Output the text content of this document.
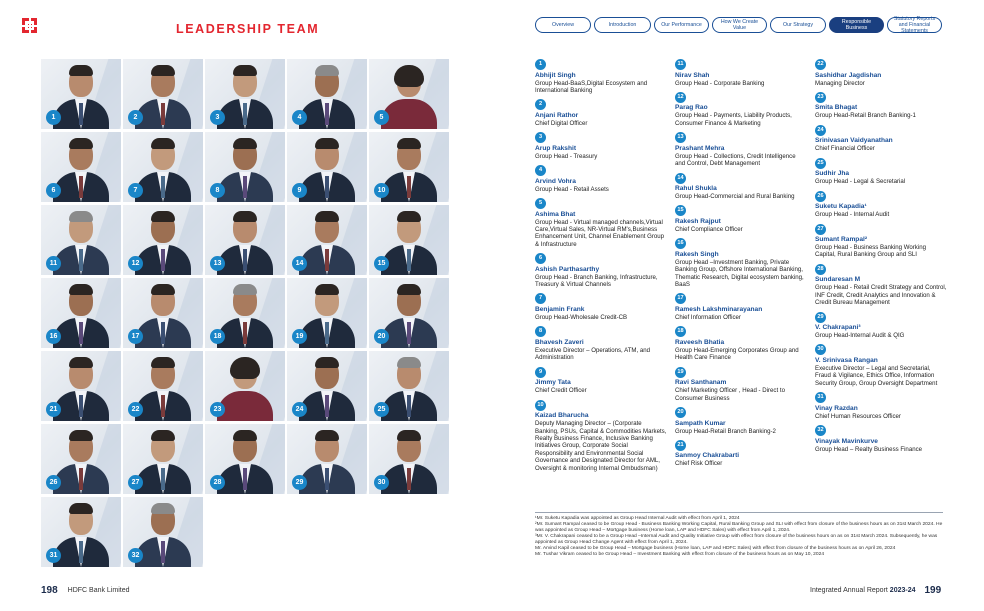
LEADERSHIP TEAM
1	2	3	4	5
6	7	8	9	10
11	12	13	14	15
16	17	18	19	20
21	22	23	24	25
26	27	28	29	30
31	32
198 HDFC Bank Limited
Overview	Introduction	Our Performance	How We Create Value	Our Strategy	Responsible Business
Statutory Reports and Financial Statements
1
Abhijit Singh
Group Head-BaaS,Digital Ecosystem and International Banking
2
Anjani Rathor
Chief Digital Officer
3
Arup Rakshit
Group Head - Treasury
4
Arvind Vohra
Group Head - Retail Assets
5
Ashima Bhat
Group Head - Virtual managed channels,Virtual Care,Virtual Sales, NR-Virtual RM's,Business Enhancement Unit, Channel Enablement Group & Infrastructure
6
Ashish Parthasarthy
Group Head - Branch Banking, Infrastructure, Treasury & Virtual Channels
7
Benjamin Frank
Group Head-Wholesale Credit-CB
8
Bhavesh Zaveri
Executive Director – Operations, ATM, and Administration
9
Jimmy Tata
Chief Credit Officer
10
Kaizad Bharucha
Deputy Managing Director – (Corporate Banking, PSUs, Capital & Commodities Markets, Realty Business Finance, Inclusive Banking Initiatives Group, Corporate Social Responsibility and Environmental Social Governance and Designated Director for AML, Oversight & monitoring Internal Ombudsman)
11
Nirav Shah
Group Head - Corporate Banking
12
Parag Rao
Group Head - Payments, Liability Products, Consumer Finance & Marketing
13
Prashant Mehra
Group Head - Collections, Credit Intelligence and Control, Debt Management
14
Rahul Shukla
Group Head-Commercial and Rural Banking
15
Rakesh Rajput
Chief Compliance Officer
16
Rakesh Singh
Group Head –Investment Banking, Private Banking Group, Offshore International Banking, Thematic Research, Digital ecosystem banking, BaaS
17
Ramesh Lakshminarayanan
Chief Information Officer
18
Raveesh Bhatia
Group Head-Emerging Corporates Group and Health Care Finance
19
Ravi Santhanam
Chief Marketing Officer , Head - Direct to Consumer Business
20
Sampath Kumar
Group Head-Retail Branch Banking-2
21
Sanmoy Chakrabarti
Chief Risk Officer
22
Sashidhar Jagdishan
Managing Director
23
Smita Bhagat
Group Head-Retail Branch Banking-1
24
Srinivasan Vaidyanathan
Chief Financial Officer
25
Sudhir Jha
Group Head - Legal & Secretarial
26
Suketu Kapadia¹
Group Head - Internal Audit
27
Sumant Rampal²
Group Head - Business Banking Working Capital, Rural Banking Group and SLI
28
Sundaresan M
Group Head - Retail Credit Strategy and Control, INF Credit, Credit Analytics and Innovation & Credit Bureau Management
29
V. Chakrapani³
Group Head-Internal Audit & QIG
30
V. Srinivasa Rangan
Executive Director – Legal and Secretarial, Fraud & Vigilance, Ethics Office, Information Security Group, Group Oversight Department
31
Vinay Razdan
Chief Human Resources Officer
32
Vinayak Mavinkurve
Group Head – Realty Business Finance
¹Mr. Suketu Kapadia was appointed as Group Head Internal Audit with effect from April 1, 2024
²Mr. Sumant Rampal ceased to be Group Head - Business Banking Working Capital, Rural Banking Group and SLI with effect from closure of the business hours as on 31st March 2024. He was appointed as Group Head – Mortgage business (Home loan, LAP and HDFC Sales) with effect from April 1, 2024.
³Mr. V. Chakrapani ceased to be a Group Head –Internal Audit and Quality Initiative Group with effect from closure of the business hours on as on 31st March 2024. Subsequently, he was appointed as Group Head Change Agent with effect from April 1, 2024.
Mr. Arvind Kapil ceased to be Group Head – Mortgage business (Home loan, LAP and HDFC Sales) with effect from closure of the business hours as on April 26, 2024
Mr. Tushar Vikram ceased to be Group Head – Investment Banking with effect from closure of the business hours as on May 10, 2024
Integrated Annual Report 2023-24 199
